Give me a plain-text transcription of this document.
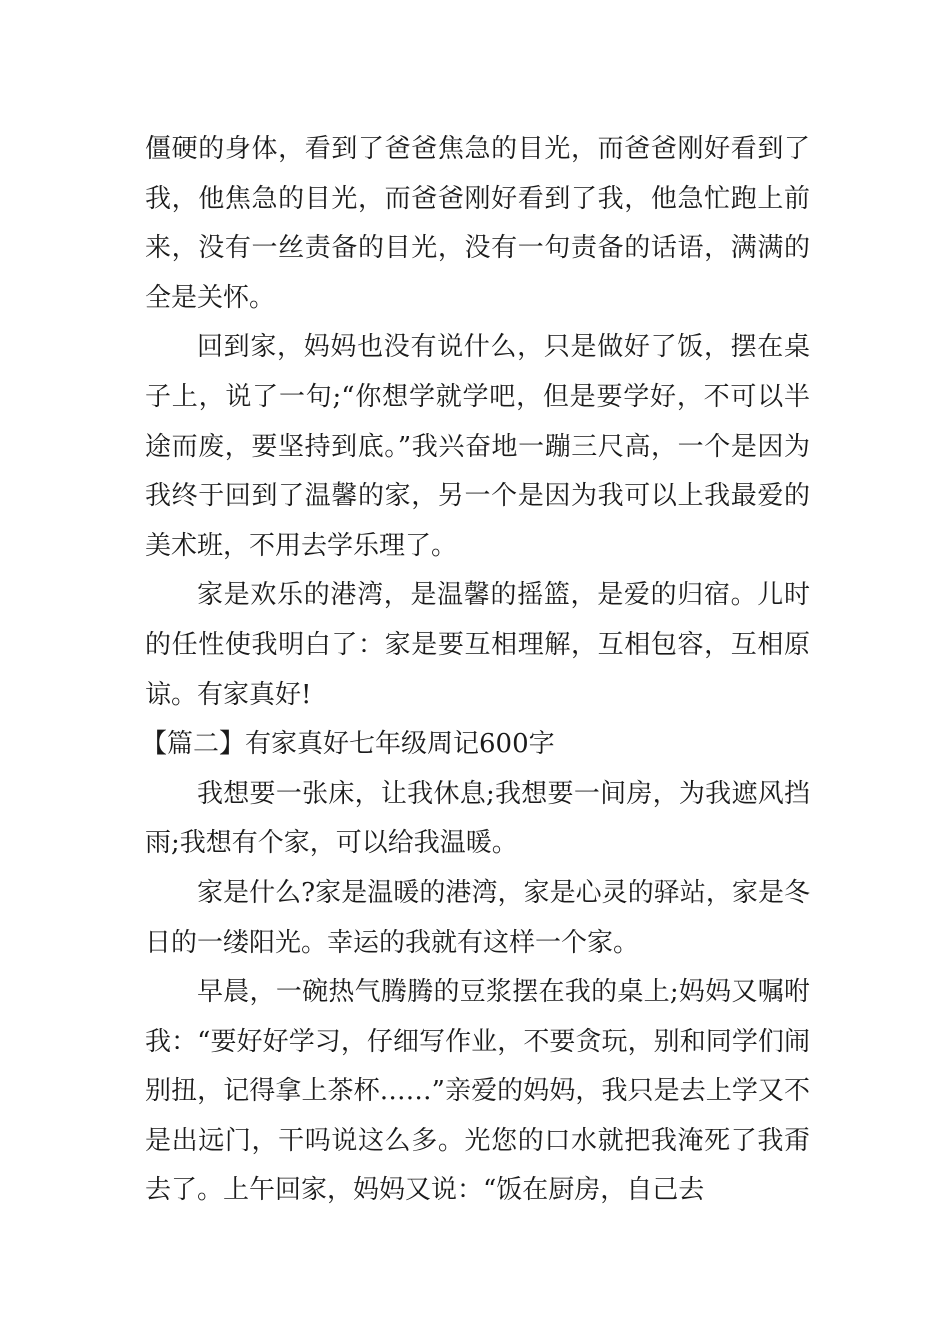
僵硬的身体，看到了爸爸焦急的目光，而爸爸刚好看到了我，他焦急的目光，而爸爸刚好看到了我，他急忙跑上前来，没有一丝责备的目光，没有一句责备的话语，满满的全是关怀。

回到家，妈妈也没有说什么，只是做好了饭，摆在桌子上，说了一句;“你想学就学吧，但是要学好，不可以半途而废，要坚持到底。”我兴奋地一蹦三尺高，一个是因为我终于回到了温馨的家，另一个是因为我可以上我最爱的美术班，不用去学乐理了。

家是欢乐的港湾，是温馨的摇篮，是爱的归宿。儿时的任性使我明白了：家是要互相理解，互相包容，互相原谅。有家真好!

【篇二】有家真好七年级周记600字

我想要一张床，让我休息;我想要一间房，为我遮风挡雨;我想有个家，可以给我温暖。

家是什么?家是温暖的港湾，家是心灵的驿站，家是冬日的一缕阳光。幸运的我就有这样一个家。

早晨，一碗热气腾腾的豆浆摆在我的桌上;妈妈又嘱咐我：“要好好学习，仔细写作业，不要贪玩，别和同学们闹别扭，记得拿上茶杯……”亲爱的妈妈，我只是去上学又不是出远门，干吗说这么多。光您的口水就把我淹死了我甭去了。上午回家，妈妈又说：“饭在厨房，自己去
